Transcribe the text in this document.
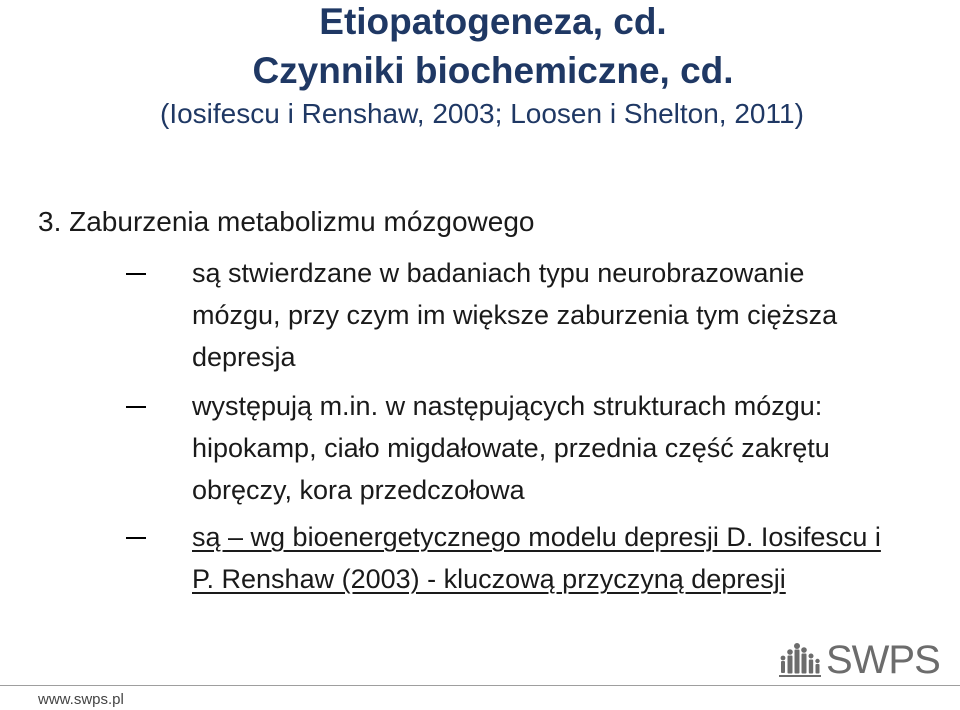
Etiopatogeneza, cd.
Czynniki biochemiczne, cd.
(Iosifescu i Renshaw, 2003; Loosen i Shelton, 2011)
3. Zaburzenia metabolizmu mózgowego
są stwierdzane w badaniach typu neurobrazowanie
mózgu, przy czym im większe zaburzenia tym cięższa
depresja
występują m.in. w następujących strukturach mózgu:
hipokamp, ciało migdałowate, przednia część zakrętu
obręczy, kora przedczołowa
są – wg bioenergetycznego modelu depresji D. Iosifescu i
P. Renshaw (2003) - kluczową przyczyną depresji
SWPS
www.swps.pl
